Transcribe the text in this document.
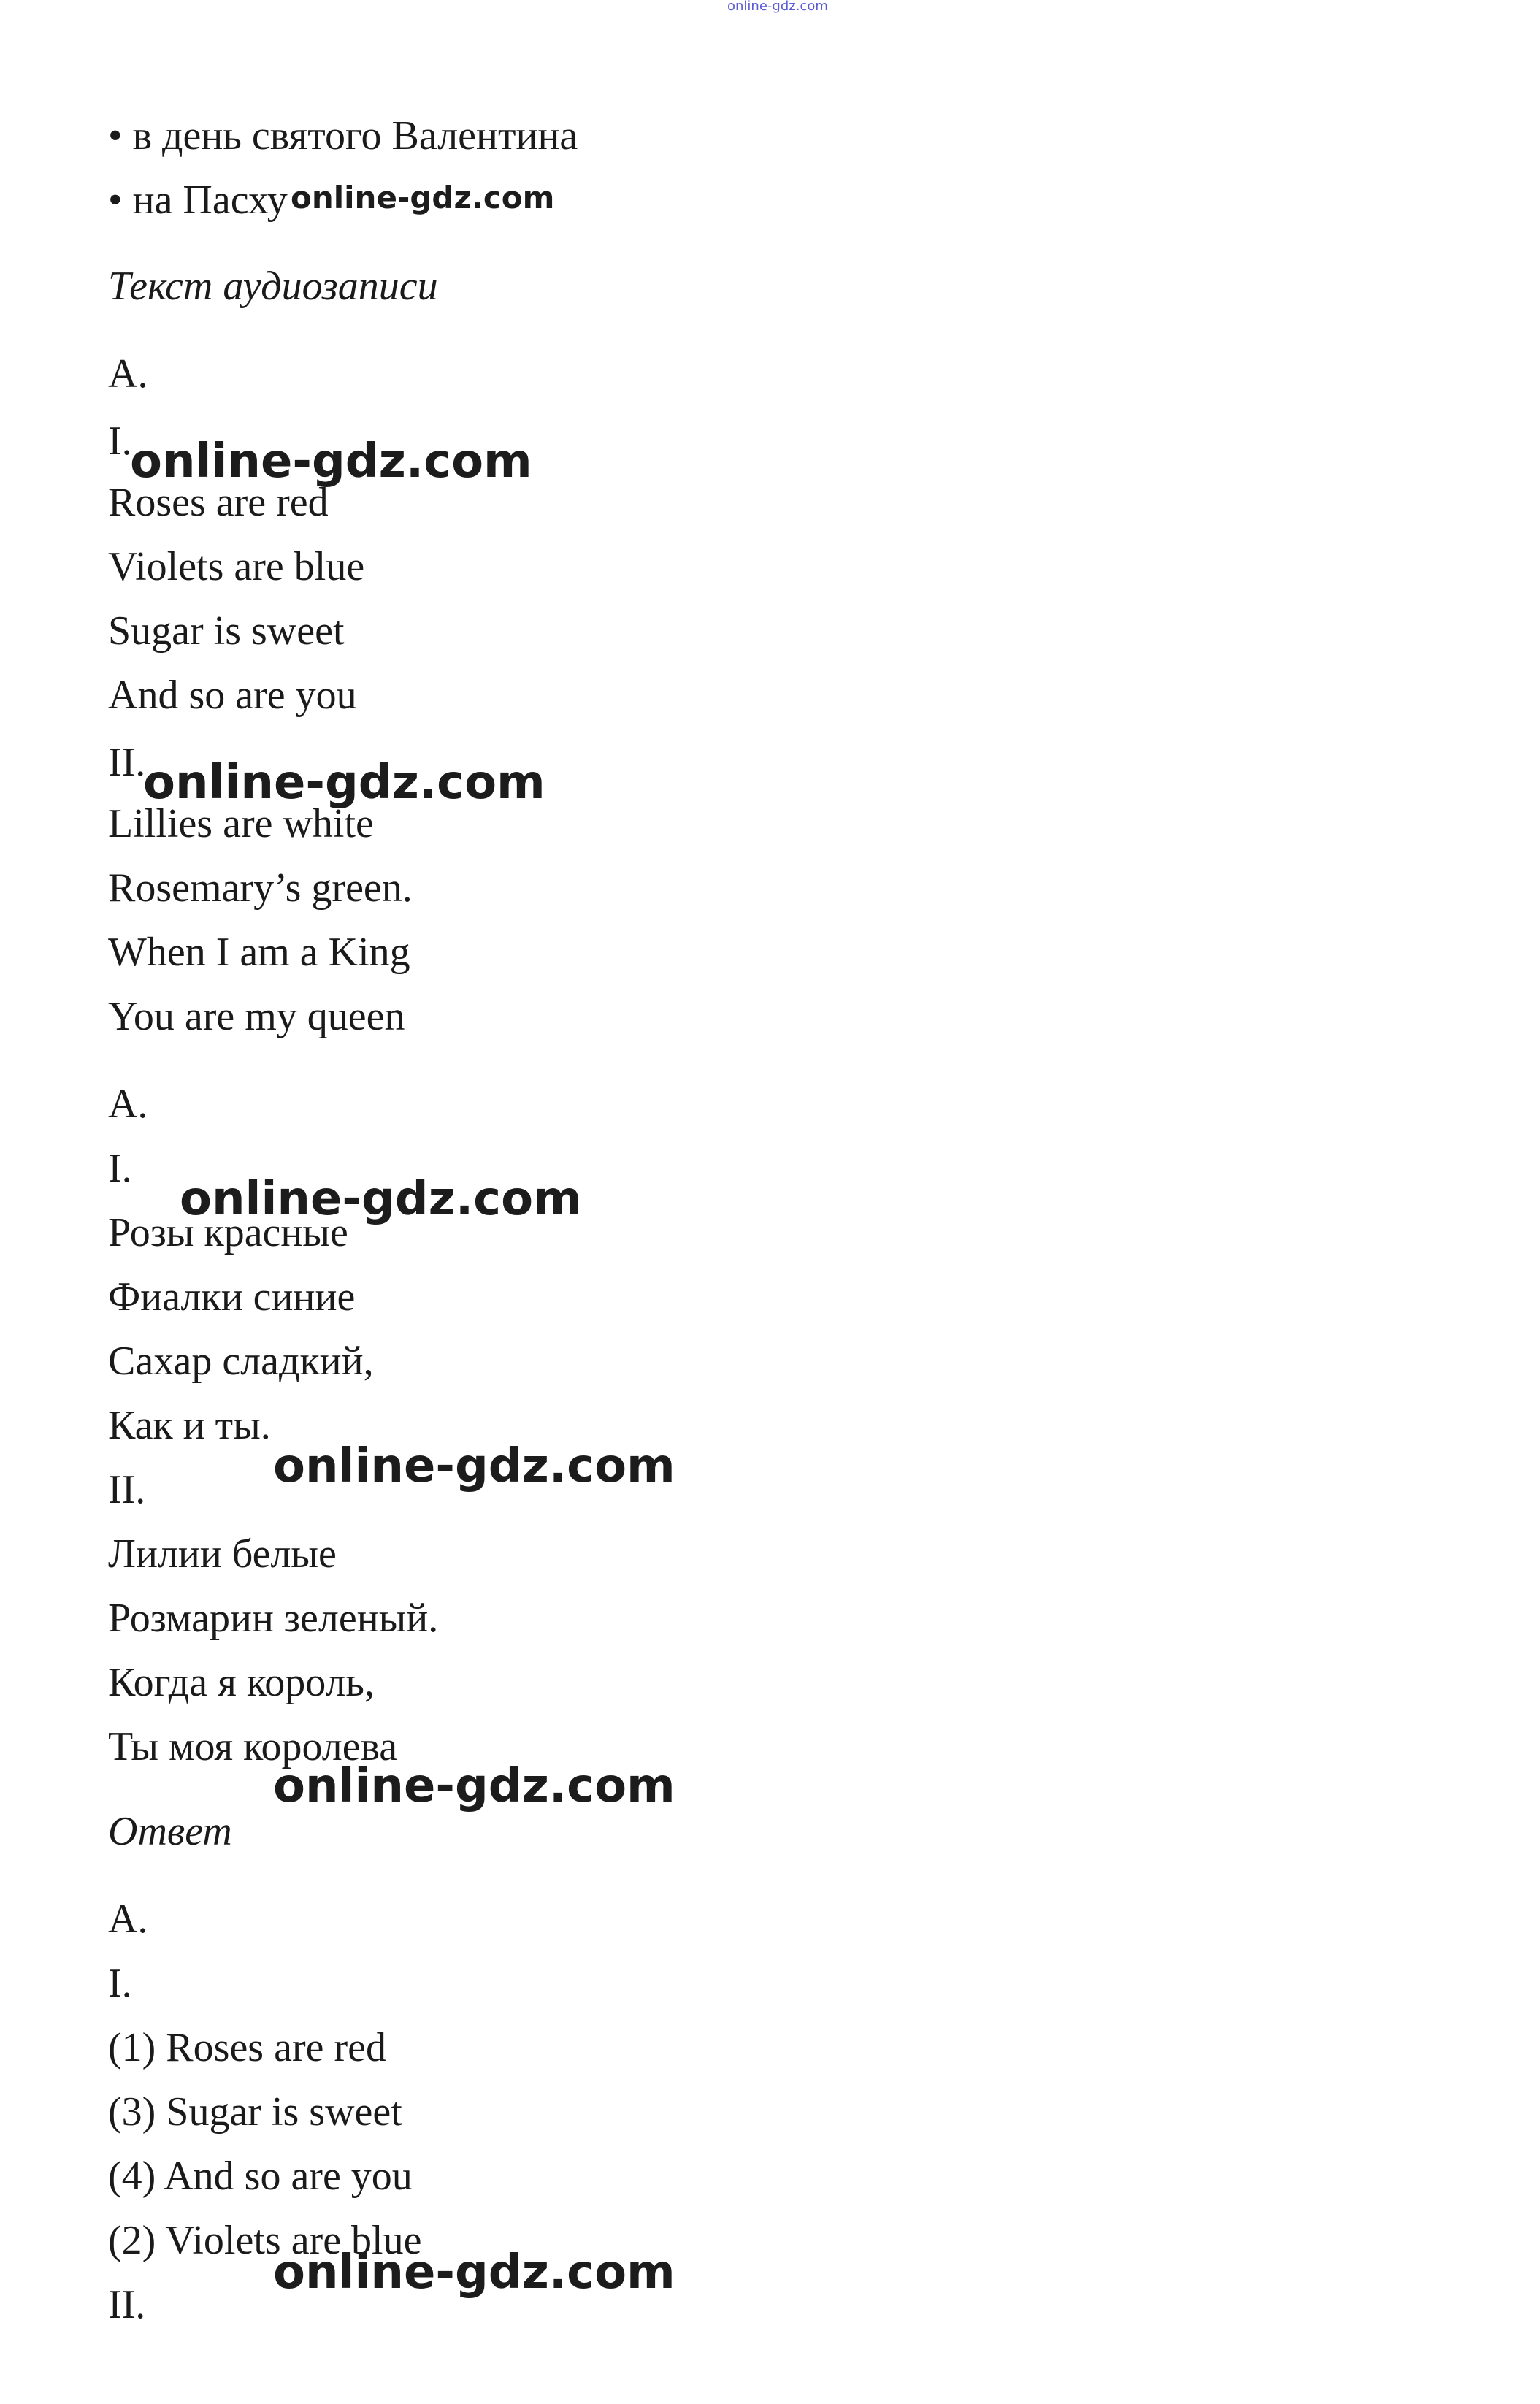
online-gdz.com
• в день святого Валентина
• на Пасху online-gdz.com
Текст аудиозаписи
A.
I.
online-gdz.com
Roses are red
Violets are blue
Sugar is sweet
And so are you
II.
online-gdz.com
Lillies are white
Rosemary’s green.
When I am a King
You are my queen
A.
I.
online-gdz.com
Розы красные
Фиалки синие
Сахар сладкий,
Как и ты.
online-gdz.com
II.
Лилии белые
Розмарин зеленый.
Когда я король,
Ты моя королева
online-gdz.com
Ответ
A.
I.
(1) Roses are red
(3) Sugar is sweet
(4) And so are you
(2) Violets are blue
online-gdz.com
II.
